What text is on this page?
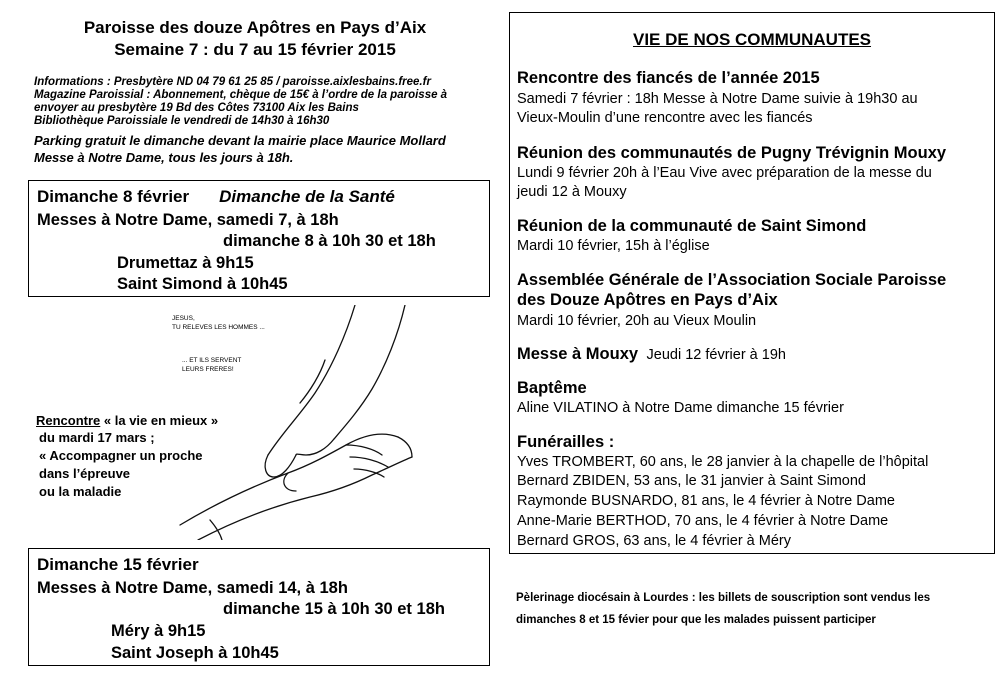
Paroisse des douze Apôtres en Pays d’Aix
Semaine 7 : du 7 au 15 février 2015
Informations : Presbytère ND 04 79 61 25 85 / paroisse.aixlesbains.free.fr
Magazine Paroissial : Abonnement, chèque de 15€ à l’ordre de la paroisse à
envoyer au presbytère 19 Bd des Côtes 73100 Aix les Bains
Bibliothèque Paroissiale le vendredi de 14h30 à 16h30
Parking gratuit le dimanche devant la mairie place Maurice Mollard
Messe à Notre Dame, tous les jours à 18h.
Dimanche 8 février Dimanche de la Santé
Messes à Notre Dame, samedi 7, à 18h
dimanche 8 à 10h 30 et 18h
Drumettaz à 9h15
Saint Simond à 10h45
JESUS,
TU RELEVES LES HOMMES ...
... ET ILS SERVENT
LEURS FRERES!
Rencontre « la vie en mieux »
du mardi 17 mars ;
« Accompagner un proche
dans l’épreuve
ou la maladie
Dimanche 15 février
Messes à Notre Dame, samedi 14, à 18h
dimanche 15 à 10h 30 et 18h
Méry à 9h15
Saint Joseph à 10h45
VIE DE NOS COMMUNAUTES
Rencontre des fiancés de l’année 2015
Samedi 7 février : 18h Messe à Notre Dame suivie à 19h30 au
Vieux-Moulin d’une rencontre avec les fiancés
Réunion des communautés de Pugny Trévignin Mouxy
Lundi 9 février 20h à l’Eau Vive avec préparation de la messe du
jeudi 12 à Mouxy
Réunion de la communauté de Saint Simond
Mardi 10 février, 15h à l’église
Assemblée Générale de l’Association Sociale Paroisse
des Douze Apôtres en Pays d’Aix
Mardi 10 février, 20h au Vieux Moulin
Messe à Mouxy Jeudi 12 février à 19h
Baptême
Aline VILATINO à Notre Dame dimanche 15 février
Funérailles :
Yves TROMBERT, 60 ans, le 28 janvier à la chapelle de l’hôpital
Bernard ZBIDEN, 53 ans, le 31 janvier à Saint Simond
Raymonde BUSNARDO, 81 ans, le 4 février à Notre Dame
Anne-Marie BERTHOD, 70 ans, le 4 février à Notre Dame
Bernard GROS, 63 ans, le 4 février à Méry
Pèlerinage diocésain à Lourdes : les billets de souscription sont vendus les
dimanches 8 et 15 févier pour que les malades puissent participer
